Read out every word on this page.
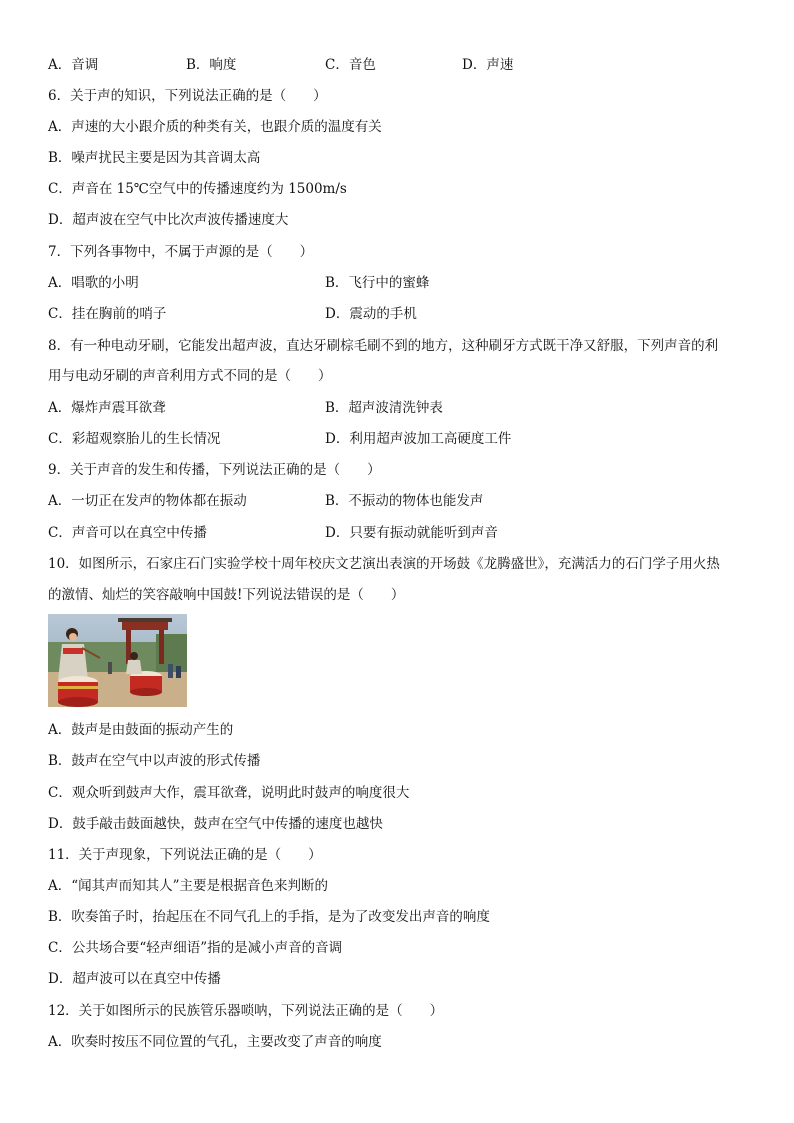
A．音调	B．响度	C．音色	D．声速
6．关于声的知识，下列说法正确的是（　　）
A．声速的大小跟介质的种类有关，也跟介质的温度有关
B．噪声扰民主要是因为其音调太高
C．声音在 15℃空气中的传播速度约为 1500m/s
D．超声波在空气中比次声波传播速度大
7．下列各事物中，不属于声源的是（　　）
A．唱歌的小明	B．飞行中的蜜蜂
C．挂在胸前的哨子	D．震动的手机
8．有一种电动牙刷，它能发出超声波，直达牙刷棕毛刷不到的地方，这种刷牙方式既干净又舒服，下列声音的利
用与电动牙刷的声音利用方式不同的是（　　）
A．爆炸声震耳欲聋	B．超声波清洗钟表
C．彩超观察胎儿的生长情况	D．利用超声波加工高硬度工件
9．关于声音的发生和传播，下列说法正确的是（　　）
A．一切正在发声的物体都在振动	B．不振动的物体也能发声
C．声音可以在真空中传播	D．只要有振动就能听到声音
10．如图所示，石家庄石门实验学校十周年校庆文艺演出表演的开场鼓《龙腾盛世》，充满活力的石门学子用火热
的激情、灿烂的笑容敲响中国鼓!下列说法错误的是（　　）
A．鼓声是由鼓面的振动产生的
B．鼓声在空气中以声波的形式传播
C．观众听到鼓声大作，震耳欲聋，说明此时鼓声的响度很大
D．鼓手敲击鼓面越快，鼓声在空气中传播的速度也越快
11．关于声现象，下列说法正确的是（　　）
A．“闻其声而知其人”主要是根据音色来判断的
B．吹奏笛子时，抬起压在不同气孔上的手指，是为了改变发出声音的响度
C．公共场合要“轻声细语”指的是减小声音的音调
D．超声波可以在真空中传播
12．关于如图所示的民族管乐器唢呐，下列说法正确的是（　　）
A．吹奏时按压不同位置的气孔，主要改变了声音的响度
